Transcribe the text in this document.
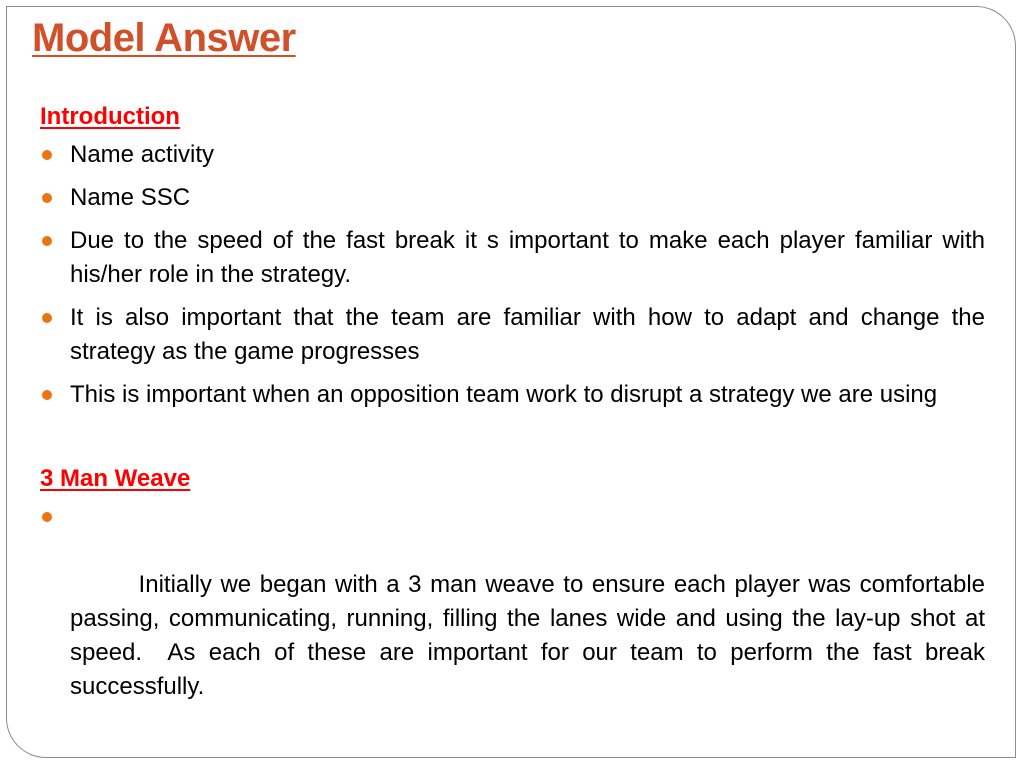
Model Answer
Introduction
Name activity
Name SSC
Due to the speed of the fast break it s important to make each player familiar with his/her role in the strategy.
It is also important that the team are familiar with how to adapt and change the strategy as the game progresses
This is important when an opposition team work to disrupt a strategy we are using
3 Man Weave

Initially we began with a 3 man weave to ensure each player was comfortable passing, communicating, running, filling the lanes wide and using the lay-up shot at speed.  As each of these are important for our team to perform the fast break successfully.
